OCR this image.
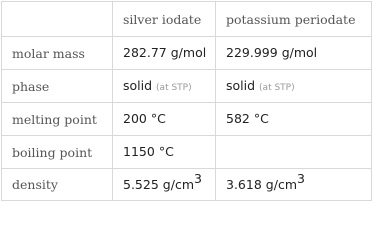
	silver iodate	potassium periodate
molar mass	282.77 g/mol	229.999 g/mol
phase	solid (at STP)	solid (at STP)
melting point	200 °C	582 °C
boiling point	1150 °C	
density	5.525 $g/cm^3$	3.618 $g/cm^3$
